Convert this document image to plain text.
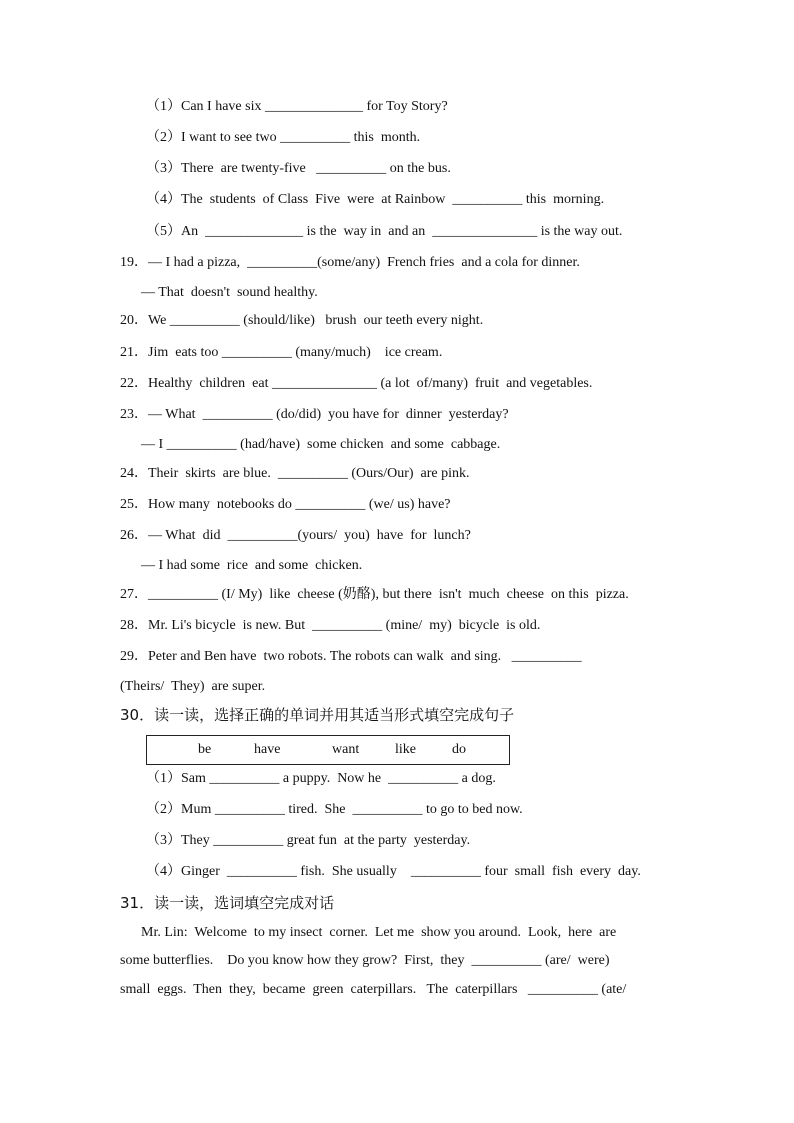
（1）Can I have six ______________ for Toy Story?
（2）I want to see two __________ this  month.
（3）There  are twenty-five   __________ on the bus.
（4）The  students  of Class  Five  were  at Rainbow  __________ this  morning.
（5）An  ______________ is the  way in  and an  _______________ is the way out.
19．— I had a pizza,  __________(some/any)  French fries  and a cola for dinner.
— That  doesn't  sound healthy.
20．We __________ (should/like)   brush  our teeth every night.
21．Jim  eats too __________ (many/much)    ice cream.
22．Healthy  children  eat _______________ (a lot  of/many)  fruit  and vegetables.
23．— What  __________ (do/did)  you have for  dinner  yesterday?
— I __________ (had/have)  some chicken  and some  cabbage.
24．Their  skirts  are blue.  __________ (Ours/Our)  are pink.
25．How many  notebooks do __________ (we/ us) have?
26．— What  did  __________(yours/  you)  have  for  lunch?
— I had some  rice  and some  chicken.
27．__________ (I/ My)  like  cheese (奶酪), but there  isn't  much  cheese  on this  pizza.
28．Mr. Li's bicycle  is new. But  __________ (mine/  my)  bicycle  is old.
29．Peter and Ben have  two robots. The robots can walk  and sing.   __________
(Theirs/  They)  are super.
30．读一读，选择正确的单词并用其适当形式填空完成句子
be	have	want	like	do
（1）Sam __________ a puppy.  Now he  __________ a dog.
（2）Mum __________ tired.  She  __________ to go to bed now.
（3）They __________ great fun  at the party  yesterday.
（4）Ginger  __________ fish.  She usually    __________ four  small  fish  every  day.
31．读一读，选词填空完成对话
Mr. Lin:  Welcome  to my insect  corner.  Let me  show you around.  Look,  here  are
some butterflies.    Do you know how they grow?  First,  they  __________ (are/  were)
small  eggs.  Then  they,  became  green  caterpillars.   The  caterpillars   __________ (ate/
